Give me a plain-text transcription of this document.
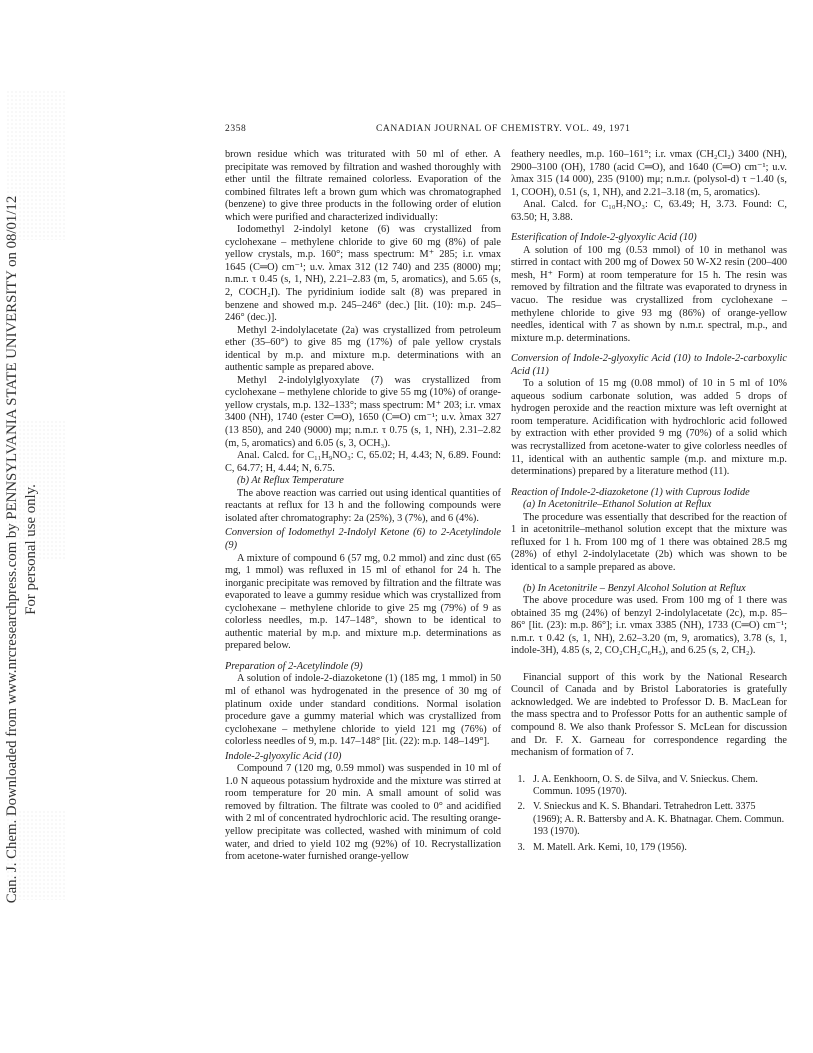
Can. J. Chem. Downloaded from www.nrcresearchpress.com by PENNSYLVANIA STATE UNIVERSITY on 08/01/12 For personal use only.
2358	CANADIAN JOURNAL OF CHEMISTRY. VOL. 49, 1971

brown residue which was triturated with 50 ml of ether. A precipitate was removed by filtration and washed thoroughly with ether until the filtrate remained colorless. Evaporation of the combined filtrates left a brown gum which was chromatographed (benzene) to give three products in the following order of elution which were purified and characterized individually:

Iodomethyl 2-indolyl ketone (6) was crystallized from cyclohexane – methylene chloride to give 60 mg (8%) of pale yellow crystals, m.p. 160°; mass spectrum: M⁺ 285; i.r. νmax 1645 (C═O) cm⁻¹; u.v. λmax 312 (12 740) and 235 (8000) mμ; n.m.r. τ 0.45 (s, 1, NH), 2.21–2.83 (m, 5, aromatics), and 5.65 (s, 2, COCH₂I). The pyridinium iodide salt (8) was prepared in benzene and showed m.p. 245–246° (dec.) [lit. (10): m.p. 245–246° (dec.)].

Methyl 2-indolylacetate (2a) was crystallized from petroleum ether (35–60°) to give 85 mg (17%) of pale yellow crystals identical by m.p. and mixture m.p. determinations with an authentic sample as prepared above.

Methyl 2-indolylglyoxylate (7) was crystallized from cyclohexane – methylene chloride to give 55 mg (10%) of orange-yellow crystals, m.p. 132–133°; mass spectrum: M⁺ 203; i.r. νmax 3400 (NH), 1740 (ester C═O), 1650 (C═O) cm⁻¹; u.v. λmax 327 (13 850), and 240 (9000) mμ; n.m.r. τ 0.75 (s, 1, NH), 2.31–2.82 (m, 5, aromatics) and 6.05 (s, 3, OCH₃).

Anal. Calcd. for C₁₁H₉NO₃: C, 65.02; H, 4.43; N, 6.89. Found: C, 64.77; H, 4.44; N, 6.75.

(b) At Reflux Temperature

The above reaction was carried out using identical quantities of reactants at reflux for 13 h and the following compounds were isolated after chromatography: 2a (25%), 3 (7%), and 6 (4%).

Conversion of Iodomethyl 2-Indolyl Ketone (6) to 2-Acetylindole (9)

A mixture of compound 6 (57 mg, 0.2 mmol) and zinc dust (65 mg, 1 mmol) was refluxed in 15 ml of ethanol for 24 h. The inorganic precipitate was removed by filtration and the filtrate was evaporated to leave a gummy residue which was crystallized from cyclohexane – methylene chloride to give 25 mg (79%) of 9 as colorless needles, m.p. 147–148°, shown to be identical to authentic material by m.p. and mixture m.p. determinations as prepared below.

Preparation of 2-Acetylindole (9)

A solution of indole-2-diazoketone (1) (185 mg, 1 mmol) in 50 ml of ethanol was hydrogenated in the presence of 30 mg of platinum oxide under standard conditions. Normal isolation procedure gave a gummy material which was crystallized from cyclohexane – methylene chloride to yield 121 mg (76%) of colorless needles of 9, m.p. 147–148° [lit. (22): m.p. 148–149°].

Indole-2-glyoxylic Acid (10)

Compound 7 (120 mg, 0.59 mmol) was suspended in 10 ml of 1.0 N aqueous potassium hydroxide and the mixture was stirred at room temperature for 20 min. A small amount of solid was removed by filtration. The filtrate was cooled to 0° and acidified with 2 ml of concentrated hydrochloric acid. The resulting orange-yellow precipitate was collected, washed with minimum of cold water, and dried to yield 102 mg (92%) of 10. Recrystallization from acetone-water furnished orange-yellow

feathery needles, m.p. 160–161°; i.r. νmax (CH₂Cl₂) 3400 (NH), 2900–3100 (OH), 1780 (acid C═O), and 1640 (C═O) cm⁻¹; u.v. λmax 315 (14 000), 235 (9100) mμ; n.m.r. (polysol-d) τ −1.40 (s, 1, COOH), 0.51 (s, 1, NH), and 2.21–3.18 (m, 5, aromatics).

Anal. Calcd. for C₁₀H₇NO₃: C, 63.49; H, 3.73. Found: C, 63.50; H, 3.88.

Esterification of Indole-2-glyoxylic Acid (10)

A solution of 100 mg (0.53 mmol) of 10 in methanol was stirred in contact with 200 mg of Dowex 50 W-X2 resin (200–400 mesh, H⁺ Form) at room temperature for 15 h. The resin was removed by filtration and the filtrate was evaporated to dryness in vacuo. The residue was crystallized from cyclohexane – methylene chloride to give 93 mg (86%) of orange-yellow needles, identical with 7 as shown by n.m.r. spectral, m.p., and mixture m.p. determinations.

Conversion of Indole-2-glyoxylic Acid (10) to Indole-2-carboxylic Acid (11)

To a solution of 15 mg (0.08 mmol) of 10 in 5 ml of 10% aqueous sodium carbonate solution, was added 5 drops of hydrogen peroxide and the reaction mixture was left overnight at room temperature. Acidification with hydrochloric acid followed by extraction with ether provided 9 mg (70%) of a solid which was recrystallized from acetone-water to give colorless needles of 11, identical with an authentic sample (m.p. and mixture m.p. determinations) prepared by a literature method (11).

Reaction of Indole-2-diazoketone (1) with Cuprous Iodide

(a) In Acetonitrile–Ethanol Solution at Reflux

The procedure was essentially that described for the reaction of 1 in acetonitrile–methanol solution except that the mixture was refluxed for 1 h. From 100 mg of 1 there was obtained 28.5 mg (28%) of ethyl 2-indolylacetate (2b) which was shown to be identical to a sample prepared as above.

(b) In Acetonitrile – Benzyl Alcohol Solution at Reflux

The above procedure was used. From 100 mg of 1 there was obtained 35 mg (24%) of benzyl 2-indolylacetate (2c), m.p. 85–86° [lit. (23): m.p. 86°]; i.r. νmax 3385 (NH), 1733 (C═O) cm⁻¹; n.m.r. τ 0.42 (s, 1, NH), 2.62–3.20 (m, 9, aromatics), 3.78 (s, 1, indole-3H), 4.85 (s, 2, CO₂CH₂C₆H₅), and 6.25 (s, 2, CH₂).

Financial support of this work by the National Research Council of Canada and by Bristol Laboratories is gratefully acknowledged. We are indebted to Professor D. B. MacLean for the mass spectra and to Professor Potts for an authentic sample of compound 8. We also thank Professor S. McLean for discussion and Dr. F. X. Garneau for correspondence regarding the mechanism of formation of 7.

1. J. A. Eenkhoorn, O. S. de Silva, and V. Snieckus. Chem. Commun. 1095 (1970).
2. V. Snieckus and K. S. Bhandari. Tetrahedron Lett. 3375 (1969); A. R. Battersby and A. K. Bhatnagar. Chem. Commun. 193 (1970).
3. M. Matell. Ark. Kemi, 10, 179 (1956).
